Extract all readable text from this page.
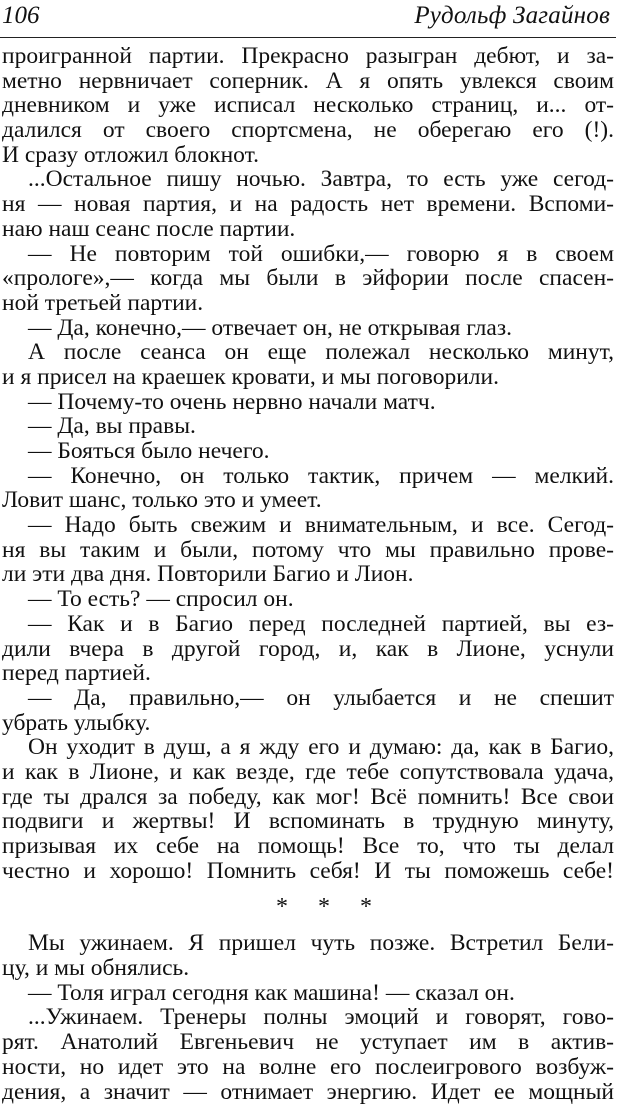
106	Рудольф Загайнов
проигранной партии. Прекрасно разыгран дебют, и за-
метно нервничает соперник. А я опять увлекся своим
дневником и уже исписал несколько страниц, и... от-
далился от своего спортсмена, не оберегаю его (!).
И сразу отложил блокнот.
...Остальное пишу ночью. Завтра, то есть уже сегод-
ня — новая партия, и на радость нет времени. Вспоми-
наю наш сеанс после партии.
— Не повторим той ошибки,— говорю я в своем
«прологе»,— когда мы были в эйфории после спасен-
ной третьей партии.
— Да, конечно,— отвечает он, не открывая глаз.
А после сеанса он еще полежал несколько минут,
и я присел на краешек кровати, и мы поговорили.
— Почему-то очень нервно начали матч.
— Да, вы правы.
— Бояться было нечего.
— Конечно, он только тактик, причем — мелкий.
Ловит шанс, только это и умеет.
— Надо быть свежим и внимательным, и все. Сегод-
ня вы таким и были, потому что мы правильно прове-
ли эти два дня. Повторили Багио и Лион.
— То есть? — спросил он.
— Как и в Багио перед последней партией, вы ез-
дили вчера в другой город, и, как в Лионе, уснули
перед партией.
— Да, правильно,— он улыбается и не спешит
убрать улыбку.
Он уходит в душ, а я жду его и думаю: да, как в Багио,
и как в Лионе, и как везде, где тебе сопутствовала удача,
где ты дрался за победу, как мог! Всё помнить! Все свои
подвиги и жертвы! И вспоминать в трудную минуту,
призывая их себе на помощь! Все то, что ты делал
честно и хорошо! Помнить себя! И ты поможешь себе!
* * *
Мы ужинаем. Я пришел чуть позже. Встретил Бели-
цу, и мы обнялись.
— Толя играл сегодня как машина! — сказал он.
...Ужинаем. Тренеры полны эмоций и говорят, гово-
рят. Анатолий Евгеньевич не уступает им в актив-
ности, но идет это на волне его послеигрового возбуж-
дения, а значит — отнимает энергию. Идет ее мощный
